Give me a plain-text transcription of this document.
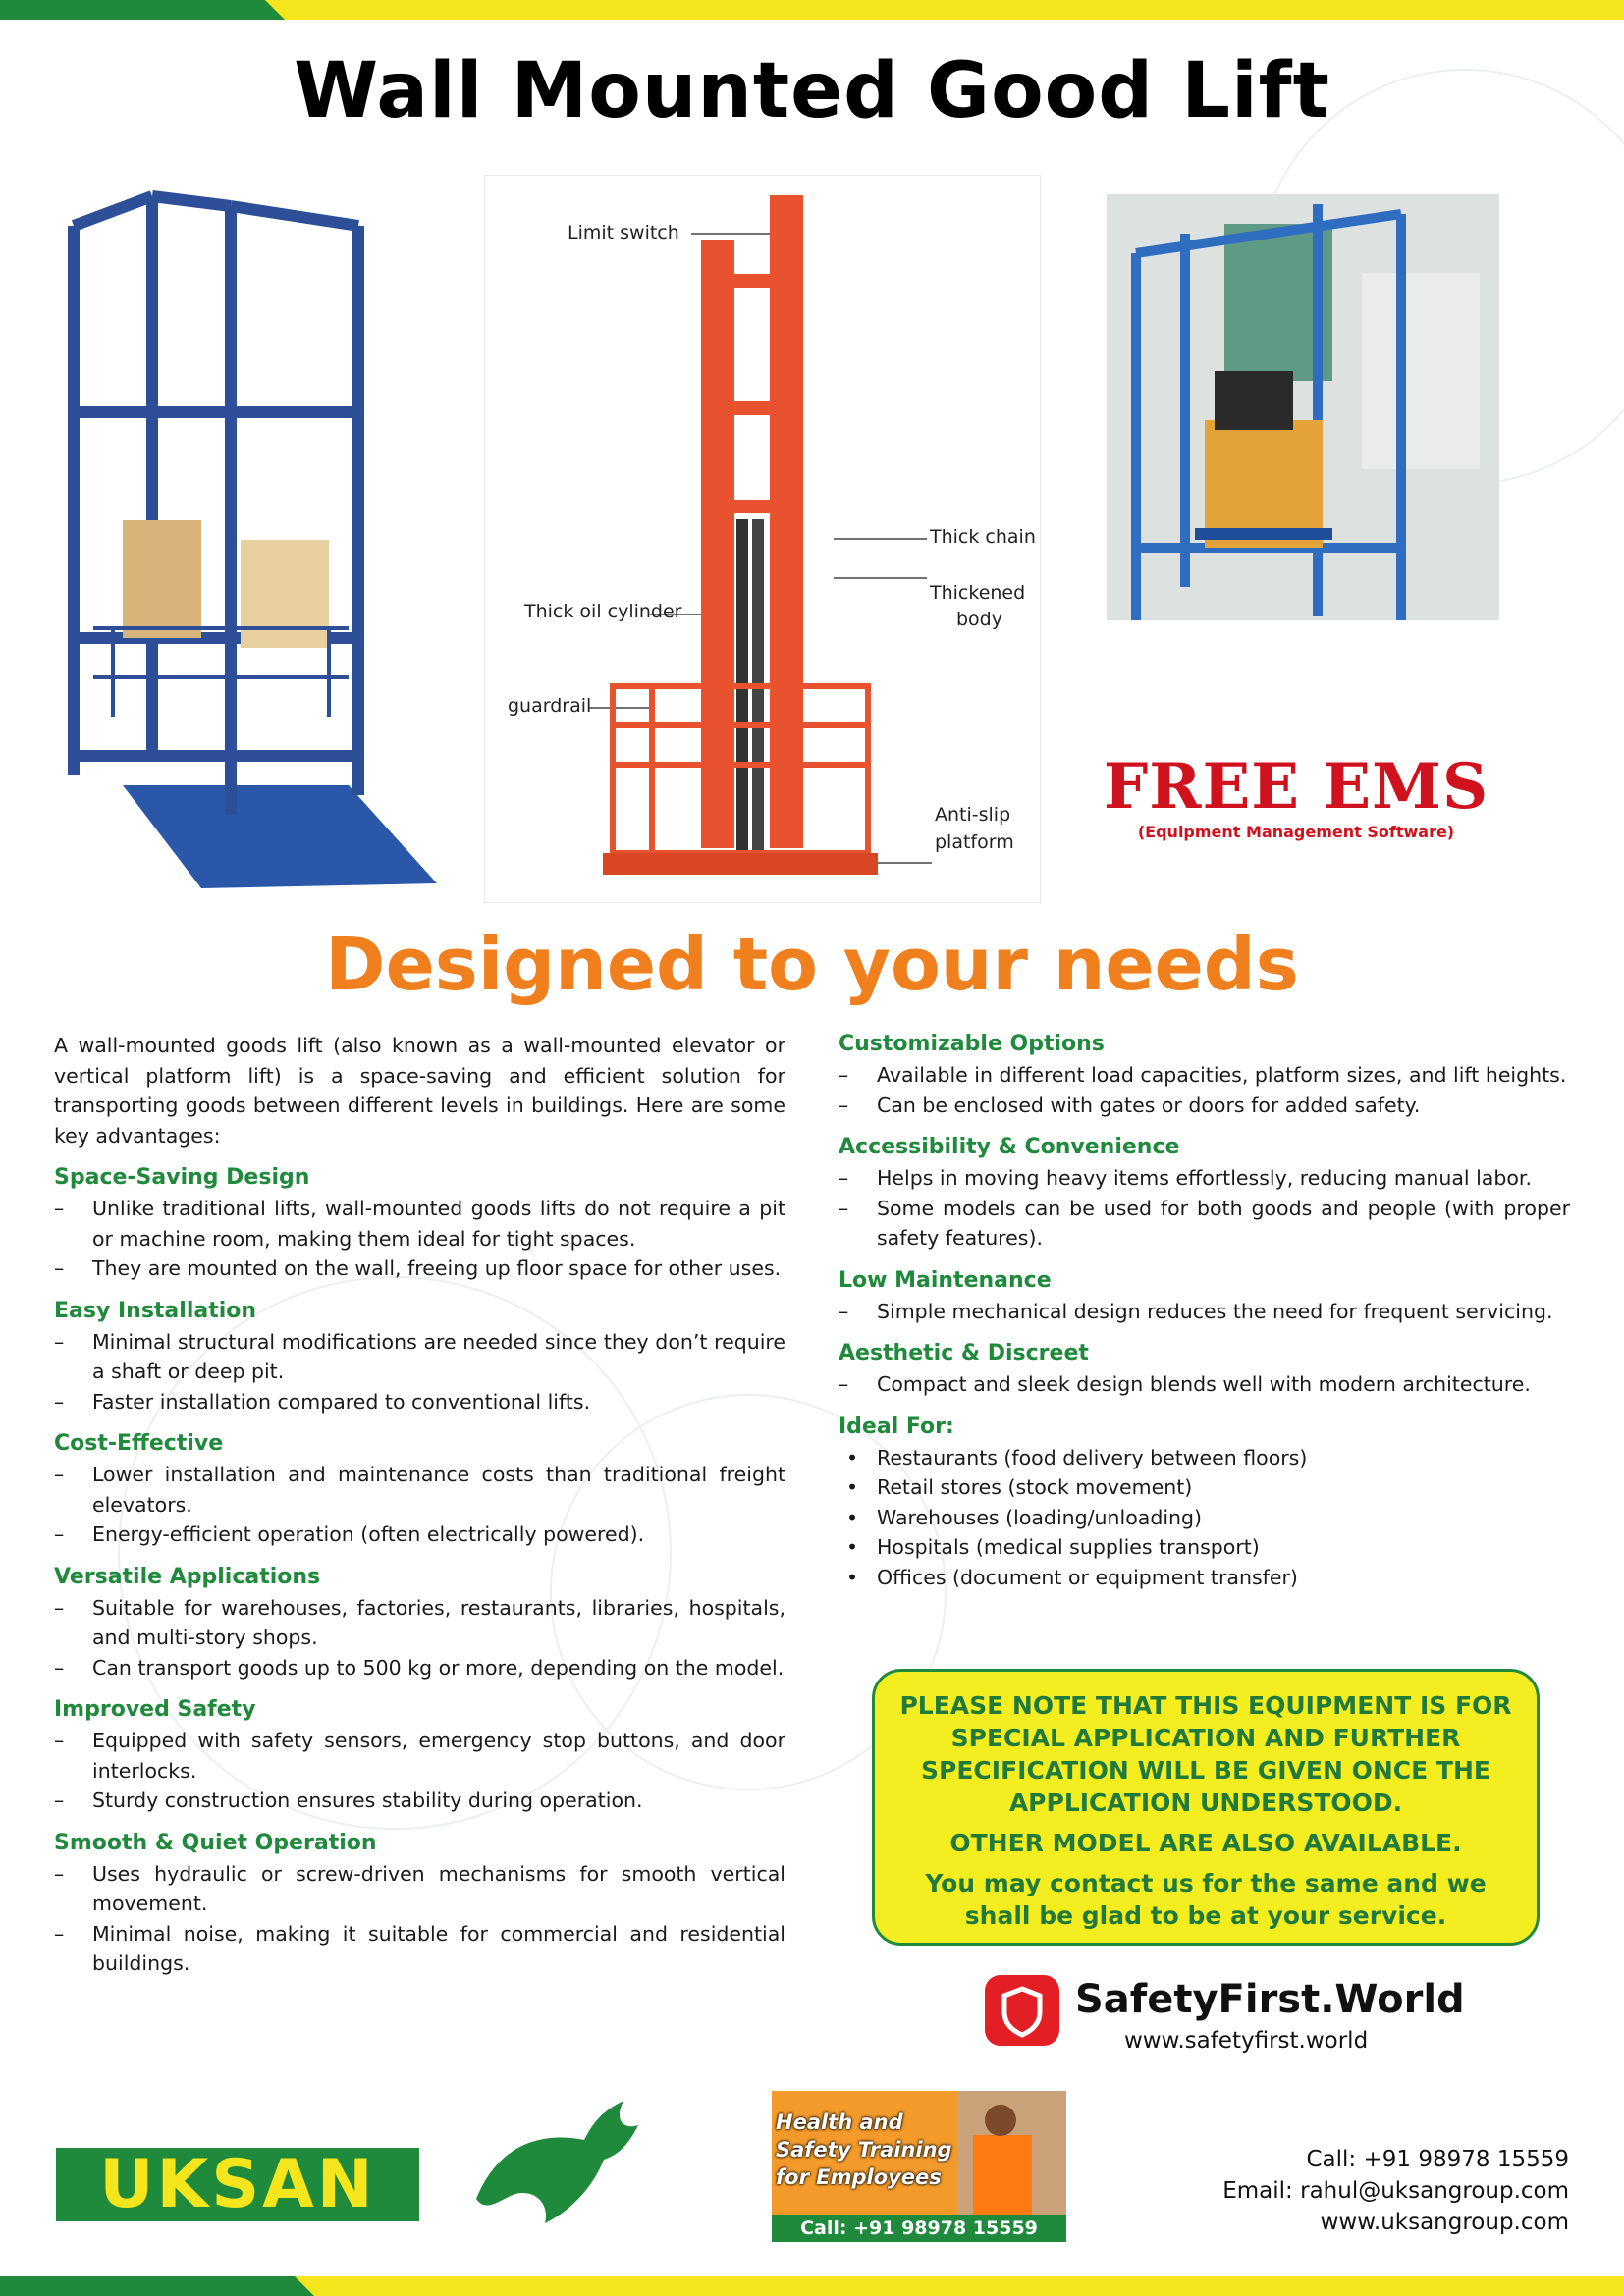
Wall Mounted Good Lift
Limit switch
Thick chain
Thickened
body
Thick oil cylinder
guardrail
Anti-slip
platform
FREE EMS
(Equipment Management Software)
Designed to your needs

A wall-mounted goods lift (also known as a wall-mounted elevator or vertical platform lift) is a space-saving and efficient solution for transporting goods between different levels in buildings. Here are some key advantages:

Space-Saving Design
– Unlike traditional lifts, wall-mounted goods lifts do not require a pit or machine room, making them ideal for tight spaces.
– They are mounted on the wall, freeing up floor space for other uses.
Easy Installation
– Minimal structural modifications are needed since they don’t require a shaft or deep pit.
– Faster installation compared to conventional lifts.
Cost-Effective
– Lower installation and maintenance costs than traditional freight elevators.
– Energy-efficient operation (often electrically powered).
Versatile Applications
– Suitable for warehouses, factories, restaurants, libraries, hospitals, and multi-story shops.
– Can transport goods up to 500 kg or more, depending on the model.
Improved Safety
– Equipped with safety sensors, emergency stop buttons, and door interlocks.
– Sturdy construction ensures stability during operation.
Smooth & Quiet Operation
– Uses hydraulic or screw-driven mechanisms for smooth vertical movement.
– Minimal noise, making it suitable for commercial and residential buildings.
Customizable Options
– Available in different load capacities, platform sizes, and lift heights.
– Can be enclosed with gates or doors for added safety.
Accessibility & Convenience
– Helps in moving heavy items effortlessly, reducing manual labor.
– Some models can be used for both goods and people (with proper safety features).
Low Maintenance
– Simple mechanical design reduces the need for frequent servicing.
Aesthetic & Discreet
– Compact and sleek design blends well with modern architecture.
Ideal For:
• Restaurants (food delivery between floors)
• Retail stores (stock movement)
• Warehouses (loading/unloading)
• Hospitals (medical supplies transport)
• Offices (document or equipment transfer)
PLEASE NOTE THAT THIS EQUIPMENT IS FOR SPECIAL APPLICATION AND FURTHER SPECIFICATION WILL BE GIVEN ONCE THE APPLICATION UNDERSTOOD.
OTHER MODEL ARE ALSO AVAILABLE.
You may contact us for the same and we shall be glad to be at your service.
SafetyFirst.World
www.safetyfirst.world
UKSAN
Health and
Safety Training
for Employees
Call: +91 98978 15559
Call: +91 98978 15559
Email: rahul@uksangroup.com
www.uksangroup.com
